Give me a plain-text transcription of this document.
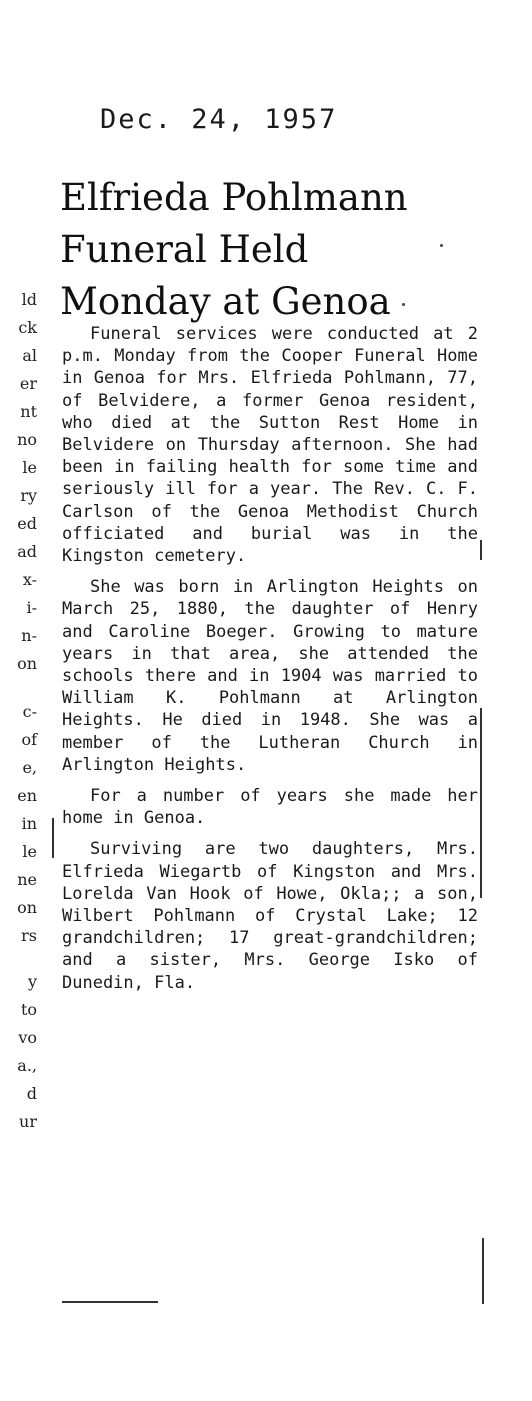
ld
ck
al
er
nt
no
le
ry
ed
ad
x-
i-
n-
on
c-
of
e,
en
in
le
ne
on
rs
y
to
vo
a.,
d
ur
Dec. 24, 1957
Elfrieda Pohlmann
Funeral Held
Monday at Genoa

Funeral services were conducted at 2 p.m. Monday from the Cooper Funeral Home in Genoa for Mrs. Elfrieda Pohlmann, 77, of Belvidere, a former Genoa resident, who died at the Sutton Rest Home in Belvidere on Thursday afternoon. She had been in failing health for some time and seriously ill for a year. The Rev. C. F. Carlson of the Genoa Methodist Church officiated and burial was in the Kingston cemetery.

She was born in Arlington Heights on March 25, 1880, the daughter of Henry and Caroline Boeger. Growing to mature years in that area, she attended the schools there and in 1904 was married to William K. Pohlmann at Arlington Heights. He died in 1948. She was a member of the Lutheran Church in Arlington Heights.

For a number of years she made her home in Genoa.

Surviving are two daughters, Mrs. Elfrieda Wiegartb of Kingston and Mrs. Lorelda Van Hook of Howe, Okla;; a son, Wilbert Pohlmann of Crystal Lake; 12 grandchildren; 17 great-grandchildren; and a sister, Mrs. George Isko of Dunedin, Fla.
